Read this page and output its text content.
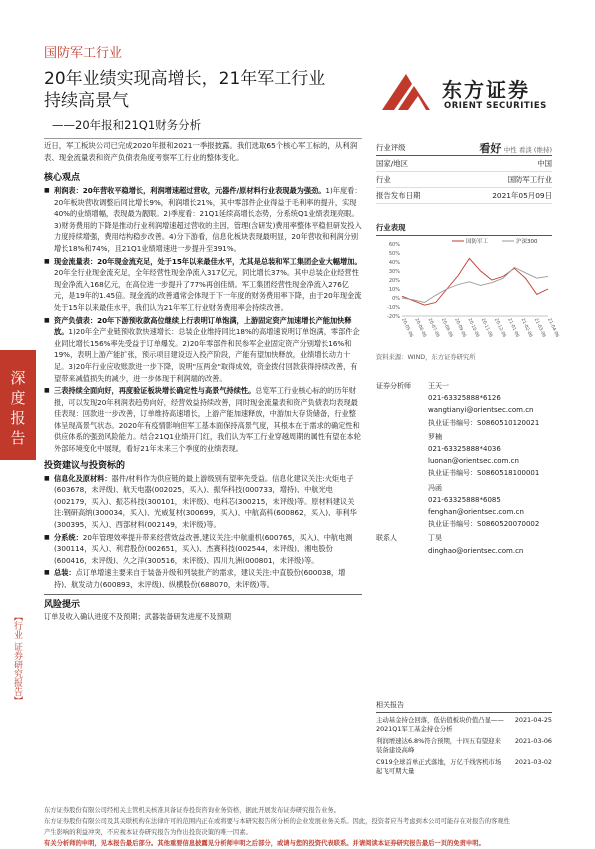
国防军工行业
20年业绩实现高增长，21年军工行业
持续高景气
——20年报和21Q1财务分析
东方证券
ORIENT SECURITIES
深度报告
【行业 证券研究报告】
近日，军工板块公司已完成2020年报和2021一季报披露。我们选取65个核心军工标的，从利润表、现金流量表和资产负债表角度考察军工行业的整体变化。
核心观点
■ 利润表：20年营收平稳增长，利润增速超过营收，元器件/原材料行业表现最为强劲。1)年度看：20年板块营收调整后同比增长9%，利润增长21%，其中零部件企业得益于毛利率的提升，实现40%的业绩增幅，表现最为靓眼。2)季度看：21Q1延续高增长态势，分系统Q1业绩表现亮眼。3)财务费用的下降是推动行业利润增速超过营收的主因，管理(含研发)费用率整体平稳但研发投入力度持续增强，费用结构稳步改善。4)分下游看，信息化板块表现最明显，20年营收和利润分别增长18%和74%，且21Q1业绩增速进一步提升至391%。
■ 现金流量表：20年现金流充足，处于15年以来最佳水平，尤其是总装和军工集团企业大幅增加。20年全行业现金流充足，全年经营性现金净流入317亿元，同比增长37%。其中总装企业经营性现金净流入168亿元，在高位进一步提升了77%再创佳绩。军工集团经营性现金净流入276亿元，是19年的1.45倍。现金流的改善通常会体现于下一年度的财务费用率下降，由于20年现金流处于15年以来最佳水平，我们认为21年军工行业财务费用率会持续改善。
■ 资产负债表：20年下游预收款高位继续上行表明订单饱满，上游固定资产加速增长产能加快释放。1)20年全产业链预收款快速增长：总装企业维持同比18%的高增速说明订单饱满，零部件企业同比增长156%率先受益于订单爆发。2)20年零部件和民参军企业固定资产分别增长16%和19%，表明上游产能扩张，预示项目建设迈入投产阶段，产能有望加快释放，业绩增长动力十足。3)20年行业应收账款进一步下降，说明"压两金"取得成效，资金拨付回款获得持续改善，有望带来减值损失的减少，进一步体现于利润端的改善。
■ 三表持续全面向好，再度验证板块增长确定性与高景气持续性。总览军工行业核心标的的历年财报，可以发现20年利润表趋势向好，经营效益持续改善，同时现金流量表和资产负债表均表现最佳表现：回款进一步改善，订单维持高速增长，上游产能加速释放，中游加大存货储备，行业整体呈现高景气状态。2020年有疫情影响但军工基本面保持高景气度，其根本在于需求的确定性和供应体系的强劲风险能力。结合21Q1业绩开门红，我们认为军工行业穿越周期的属性有望在本轮外部环境变化中展现，看好21年未来三个季度的业绩表现。
投资建议与投资标的
■ 信息化及原材料：器件/材料作为供应链的最上游级别有望率先受益。信息化建议关注:火炬电子(603678，未评级)、航天电器(002025，买入)、振华科技(000733，增持)、中航光电(002179，买入)、振芯科技(300101，未评级)、电科芯(300215，未评级)等。原材料建议关注:钢研高纳(300034，买入)、光威复材(300699，买入)、中航高科(600862，买入)、菲利华(300395，买入)、西部材料(002149，未评级)等。
■ 分系统：20年管理效率提升带来经营效益改善,建议关注:中航重机(600765，买入)、中航电测(300114，买入)、利君股份(002651，买入)、杰赛科技(002544，未评级)、湘电股份(600416，未评级)、久之洋(300516，未评级)、四川九洲(000801，未评级)等。
■ 总装：点订单增速主要来自于装备升级和列装批产的需求，建议关注:中直股份(600038，增持)、航发动力(600893，未评级)、纵横股份(688070，未评级)等。
风险提示
订单及收入确认进度不及预期；武器装备研发进度不及预期
行业评级	看好 中性 看淡 (维持)
国家/地区	中国
行业	国防军工行业
报告发布日期	2021年05月09日
行业表现
60%
50%
40%
30%
20%
10%
0%
-10%
-20%
20-05-06 20-06-06 20-07-06 20-08-06 20-09-06 20-10-06 20-11-06 20-12-06 21-01-06 21-02-06 21-03-06 21-04-06
国防军工	沪深300
资料来源：WIND，东方证券研究所
证券分析师	王天一
021-63325888*6126
wangtianyi@orientsec.com.cn
执业证书编号：S0860510120021
罗楠
021-63325888*4036
luonan@orientsec.com.cn
执业证书编号：S0860518100001
冯函
021-63325888*6085
fenghan@orientsec.com.cn
执业证书编号：S0860520070002
联系人	丁昊
dinghao@orientsec.com.cn
相关报告
主动基金持仓回落，低估值板块价值凸显——2021Q1军工基金持仓分析
2021-04-25
利润增速达6.8%符合预期，十四五有望迎来装备建设高峰
2021-03-06
C919全球首单正式落地，万亿千线客机市场起飞可期大量
2021-03-02
东方证券股份有限公司经相关主管机关核准具备证券投资咨询业务资格，据此开展发布证券研究报告业务。
东方证券股份有限公司及其关联机构在法律许可的范围内正在或将要与本研究报告所分析的企业发展业务关系。因此，投资者应当考虑到本公司可能存在对报告的客观性
产生影响的利益冲突，不应视本证券研究报告为作出投资决策的唯一因素。
有关分析师的申明，见本报告最后部分。其他重要信息披露见分析师申明之后部分，或请与您的投资代表联系。并请阅读本证券研究报告最后一页的免责申明。
